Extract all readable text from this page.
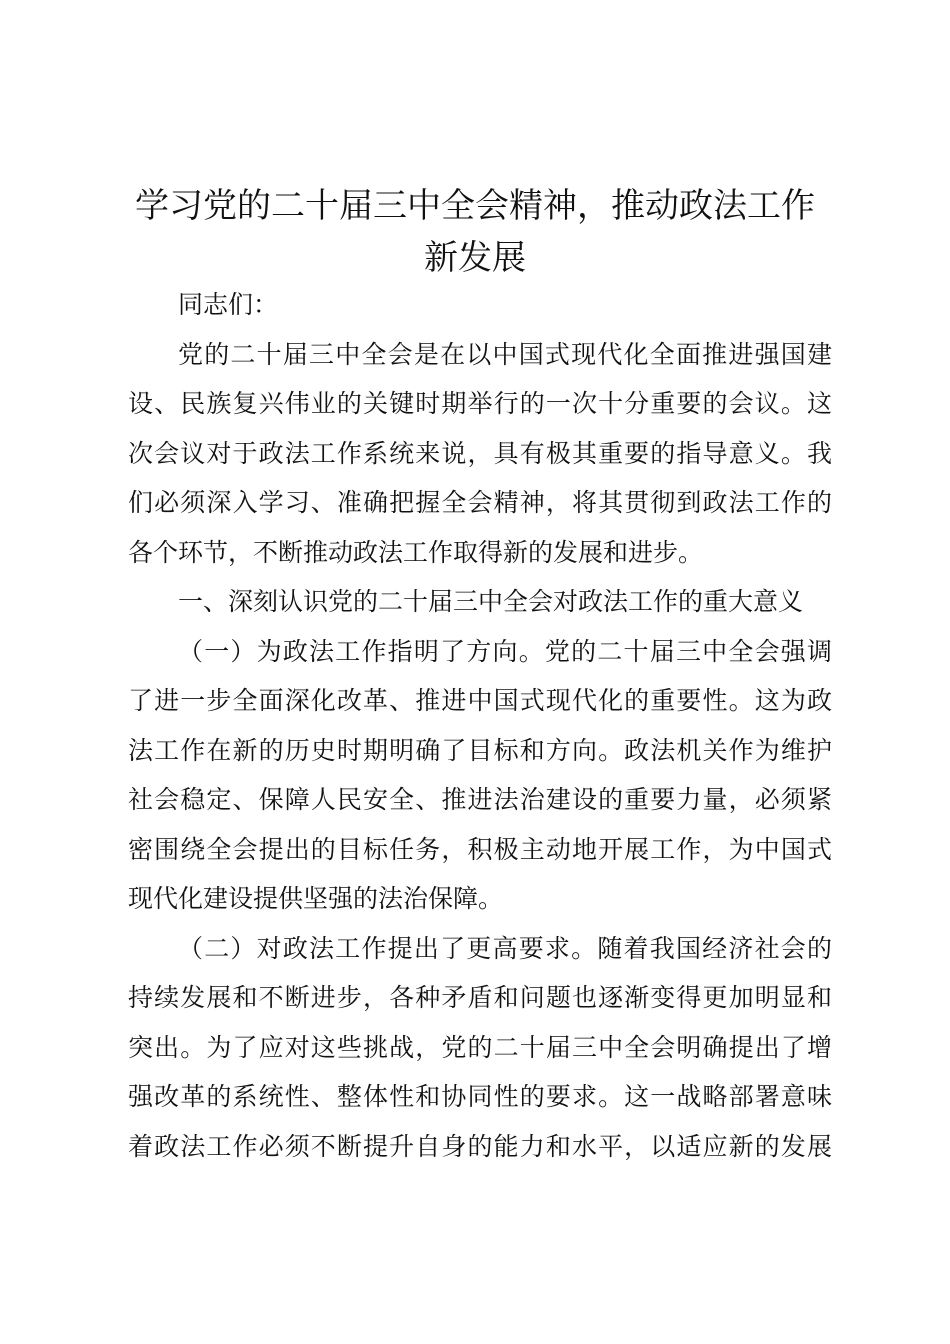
学习党的二十届三中全会精神，推动政法工作
新发展

同志们：

党的二十届三中全会是在以中国式现代化全面推进强国建
设、民族复兴伟业的关键时期举行的一次十分重要的会议。这
次会议对于政法工作系统来说，具有极其重要的指导意义。我
们必须深入学习、准确把握全会精神，将其贯彻到政法工作的
各个环节，不断推动政法工作取得新的发展和进步。
一、深刻认识党的二十届三中全会对政法工作的重大意义
（一）为政法工作指明了方向。党的二十届三中全会强调
了进一步全面深化改革、推进中国式现代化的重要性。这为政
法工作在新的历史时期明确了目标和方向。政法机关作为维护
社会稳定、保障人民安全、推进法治建设的重要力量，必须紧
密围绕全会提出的目标任务，积极主动地开展工作，为中国式
现代化建设提供坚强的法治保障。
（二）对政法工作提出了更高要求。随着我国经济社会的
持续发展和不断进步，各种矛盾和问题也逐渐变得更加明显和
突出。为了应对这些挑战，党的二十届三中全会明确提出了增
强改革的系统性、整体性和协同性的要求。这一战略部署意味
着政法工作必须不断提升自身的能力和水平，以适应新的发展
